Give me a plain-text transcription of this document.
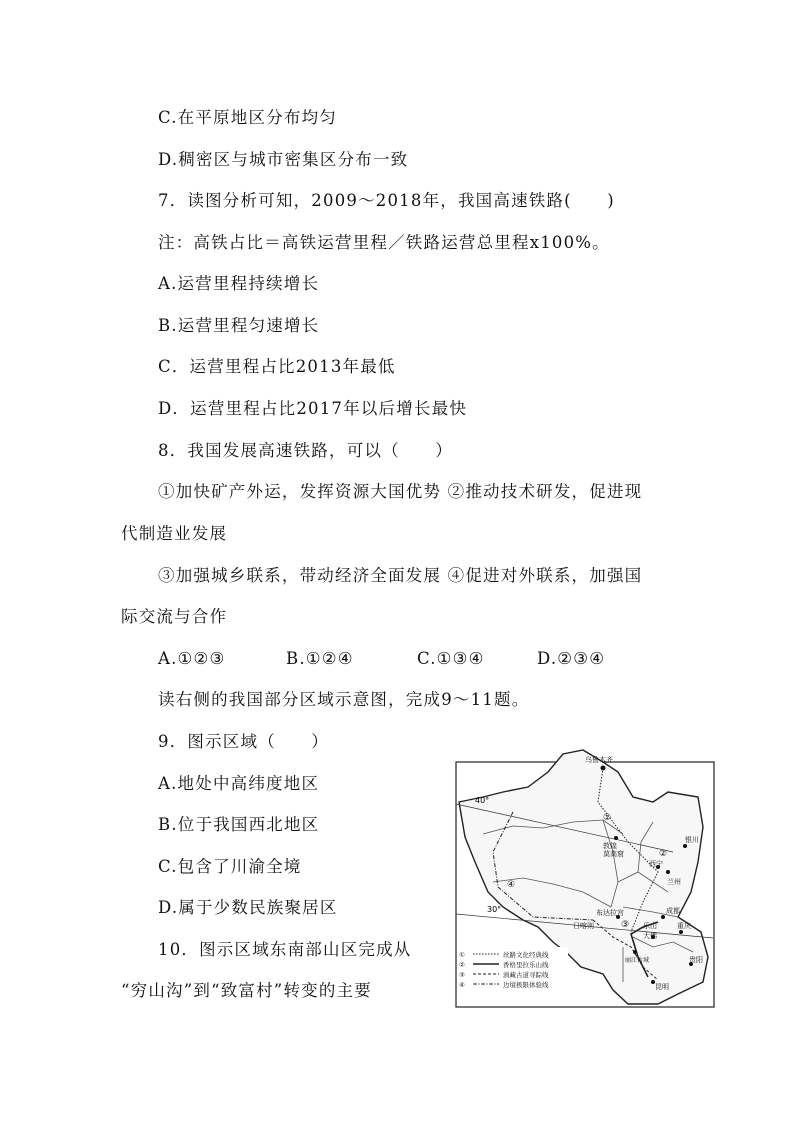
C.在平原地区分布均匀
D.稠密区与城市密集区分布一致
7．读图分析可知，2009～2018年，我国高速铁路(　　)
注：高铁占比＝高铁运营里程／铁路运营总里程x100%。
A.运营里程持续增长
B.运营里程匀速增长
C．运营里程占比2013年最低
D．运营里程占比2017年以后增长最快
8．我国发展高速铁路，可以（　　）
①加快矿产外运，发挥资源大国优势 ②推动技术研发，促进现
代制造业发展
③加强城乡联系，带动经济全面发展 ④促进对外联系，加强国
际交流与合作
A.①②③	B.①②④	C.①③④	D.②③④
读右侧的我国部分区域示意图，完成9～11题。
9．图示区域（　　）
A.地处中高纬度地区
B.位于我国西北地区
C.包含了川渝全境
D.属于少数民族聚居区
10．图示区域东南部山区完成从
“穷山沟”到“致富村”转变的主要
40°
30°
乌鲁木齐
敦煌
莫高窟
银川
西宁
兰州
布达拉宫
日喀则
成都
重庆
乐山
大佛
丽江古城	贵阳
昆明
①
②
③
④
①	丝路文化经典线
②	香格里拉乐山线
③	滇藏古道寻踪线
④	边境极限体验线
